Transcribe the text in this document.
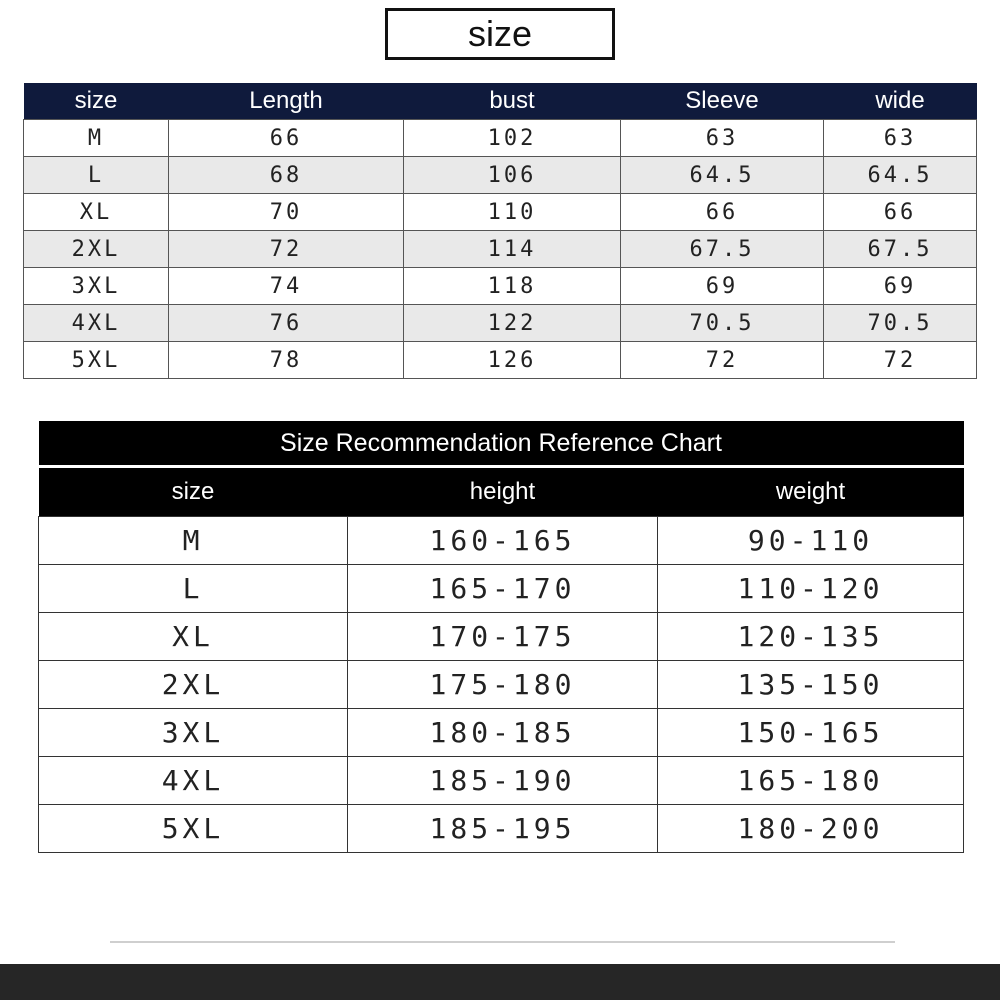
size
size	Length	bust	Sleeve	wide
M	66	102	63	63
L	68	106	64.5	64.5
XL	70	110	66	66
2XL	72	114	67.5	67.5
3XL	74	118	69	69
4XL	76	122	70.5	70.5
5XL	78	126	72	72
Size Recommendation Reference Chart		
size	height	weight
M	160-165	90-110
L	165-170	110-120
XL	170-175	120-135
2XL	175-180	135-150
3XL	180-185	150-165
4XL	185-190	165-180
5XL	185-195	180-200
